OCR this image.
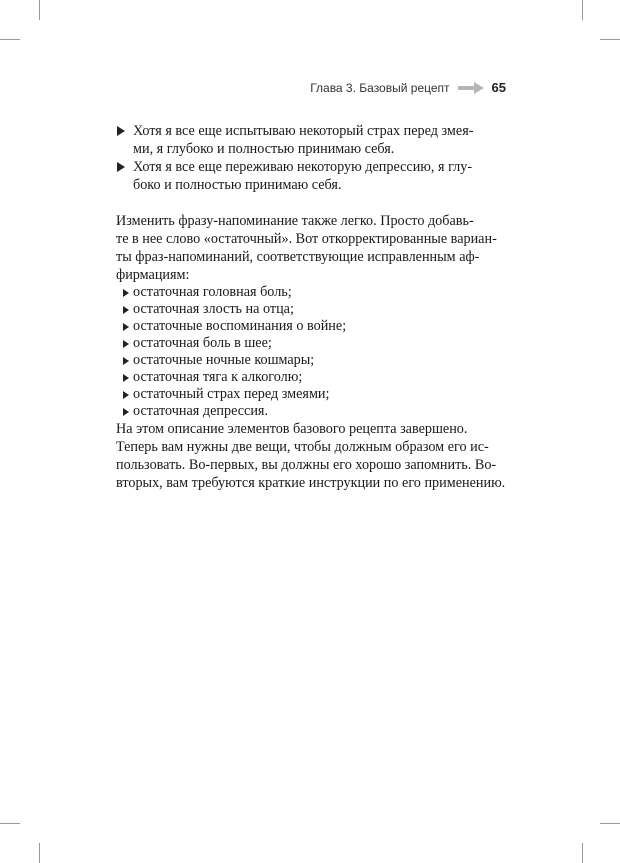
Глава 3. Базовый рецепт	65
Хотя я все еще испытываю некоторый страх перед змея-
ми, я глубоко и полностью принимаю себя.
Хотя я все еще переживаю некоторую депрессию, я глу-
боко и полностью принимаю себя.

Изменить фразу-напоминание также легко. Просто добавь-
те в нее слово «остаточный». Вот откорректированные вариан-
ты фраз-напоминаний, соответствующие исправленным аф-
фирмациям:

остаточная головная боль;
остаточная злость на отца;
остаточные воспоминания о войне;
остаточная боль в шее;
остаточные ночные кошмары;
остаточная тяга к алкоголю;
остаточный страх перед змеями;
остаточная депрессия.

На этом описание элементов базового рецепта завершено.
Теперь вам нужны две вещи, чтобы должным образом его ис-
пользовать. Во-первых, вы должны его хорошо запомнить. Во-
вторых, вам требуются краткие инструкции по его применению.
